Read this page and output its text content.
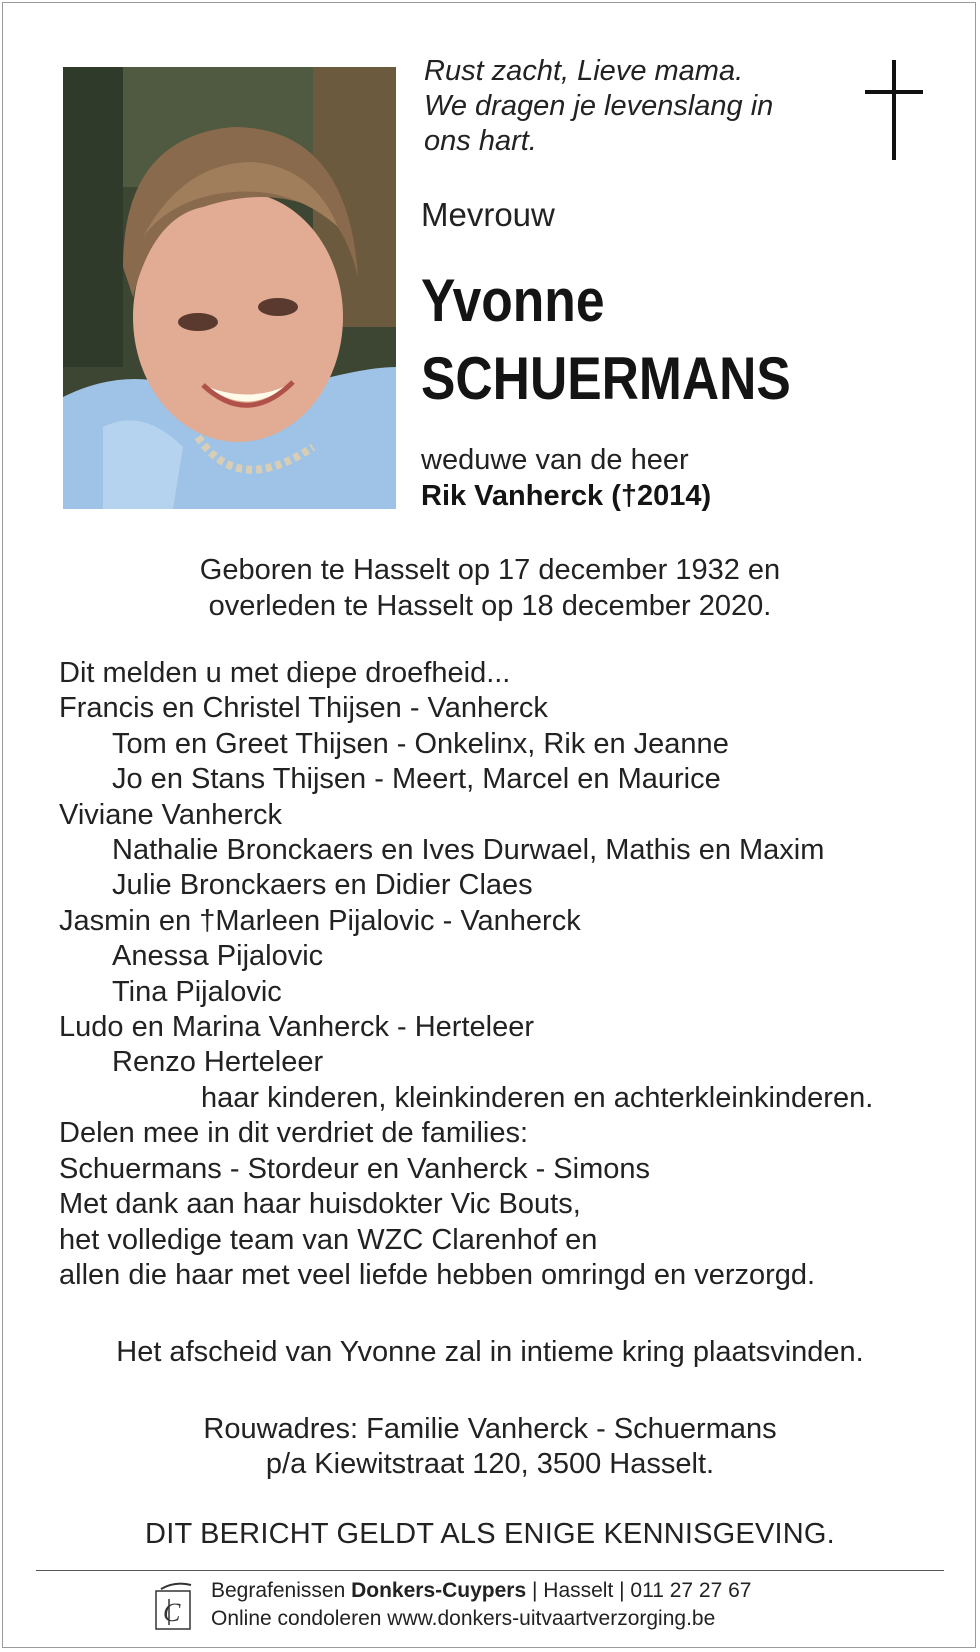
Rust zacht, Lieve mama.
We dragen je levenslang in
ons hart.
Mevrouw
Yvonne
SCHUERMANS
weduwe van de heer
Rik Vanherck (†2014)
Geboren te Hasselt op 17 december 1932 en
overleden te Hasselt op 18 december 2020.
Dit melden u met diepe droefheid...
Francis en Christel Thijsen - Vanherck
Tom en Greet Thijsen - Onkelinx, Rik en Jeanne
Jo en Stans Thijsen - Meert, Marcel en Maurice
Viviane Vanherck
Nathalie Bronckaers en Ives Durwael, Mathis en Maxim
Julie Bronckaers en Didier Claes
Jasmin en †Marleen Pijalovic - Vanherck
Anessa Pijalovic
Tina Pijalovic
Ludo en Marina Vanherck - Herteleer
Renzo Herteleer
haar kinderen, kleinkinderen en achterkleinkinderen.
Delen mee in dit verdriet de families:
Schuermans - Stordeur en Vanherck - Simons
Met dank aan haar huisdokter Vic Bouts,
het volledige team van WZC Clarenhof en
allen die haar met veel liefde hebben omringd en verzorgd.
Het afscheid van Yvonne zal in intieme kring plaatsvinden.
Rouwadres: Familie Vanherck - Schuermans
p/a Kiewitstraat 120, 3500 Hasselt.
DIT BERICHT GELDT ALS ENIGE KENNISGEVING.
C
Begrafenissen Donkers-Cuypers | Hasselt | 011 27 27 67
Online condoleren www.donkers-uitvaartverzorging.be
